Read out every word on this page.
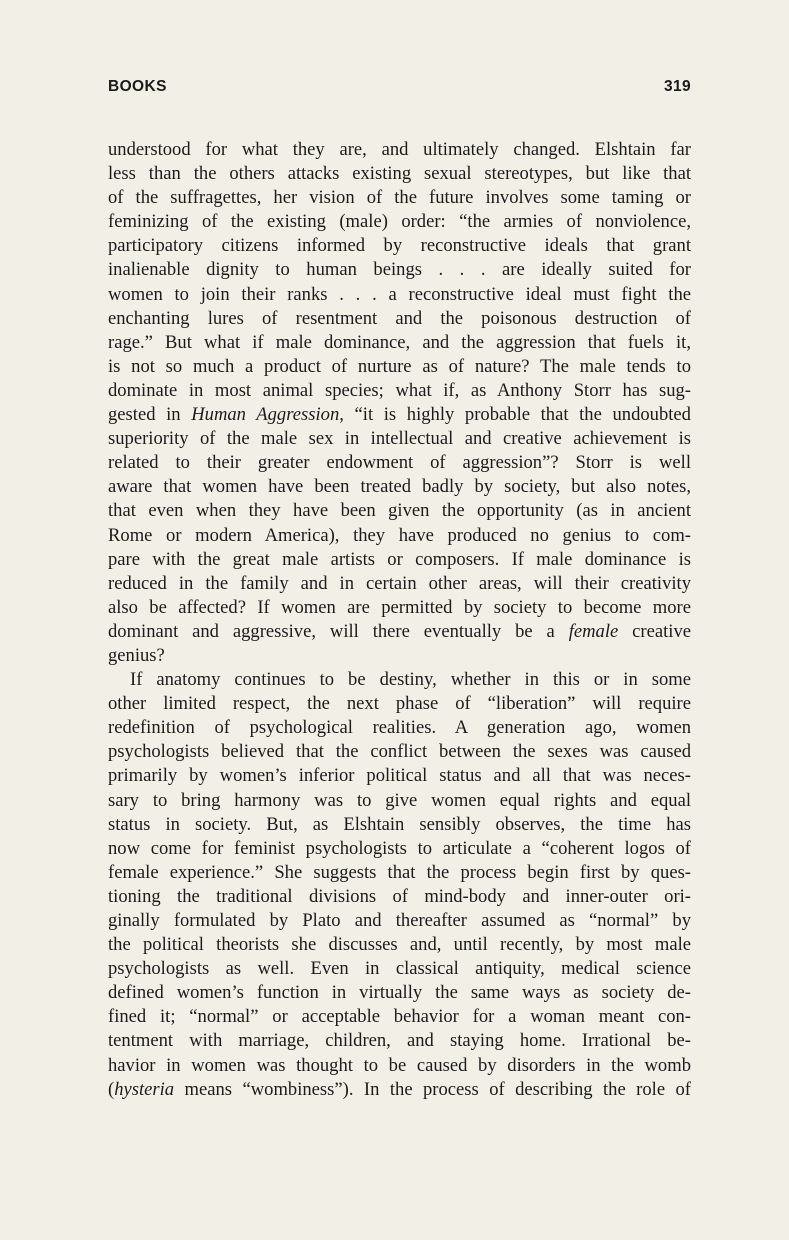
BOOKS	319
understood for what they are, and ultimately changed. Elshtain far
less than the others attacks existing sexual stereotypes, but like that
of the suffragettes, her vision of the future involves some taming or
feminizing of the existing (male) order: “the armies of nonviolence,
participatory citizens informed by reconstructive ideals that grant
inalienable dignity to human beings . . . are ideally suited for
women to join their ranks . . . a reconstructive ideal must fight the
enchanting lures of resentment and the poisonous destruction of
rage.” But what if male dominance, and the aggression that fuels it,
is not so much a product of nurture as of nature? The male tends to
dominate in most animal species; what if, as Anthony Storr has sug-
gested in Human Aggression, “it is highly probable that the undoubted
superiority of the male sex in intellectual and creative achievement is
related to their greater endowment of aggression”? Storr is well
aware that women have been treated badly by society, but also notes,
that even when they have been given the opportunity (as in ancient
Rome or modern America), they have produced no genius to com-
pare with the great male artists or composers. If male dominance is
reduced in the family and in certain other areas, will their creativity
also be affected? If women are permitted by society to become more
dominant and aggressive, will there eventually be a female creative
genius?
If anatomy continues to be destiny, whether in this or in some
other limited respect, the next phase of “liberation” will require
redefinition of psychological realities. A generation ago, women
psychologists believed that the conflict between the sexes was caused
primarily by women’s inferior political status and all that was neces-
sary to bring harmony was to give women equal rights and equal
status in society. But, as Elshtain sensibly observes, the time has
now come for feminist psychologists to articulate a “coherent logos of
female experience.” She suggests that the process begin first by ques-
tioning the traditional divisions of mind-body and inner-outer ori-
ginally formulated by Plato and thereafter assumed as “normal” by
the political theorists she discusses and, until recently, by most male
psychologists as well. Even in classical antiquity, medical science
defined women’s function in virtually the same ways as society de-
fined it; “normal” or acceptable behavior for a woman meant con-
tentment with marriage, children, and staying home. Irrational be-
havior in women was thought to be caused by disorders in the womb
(hysteria means “wombiness”). In the process of describing the role of
